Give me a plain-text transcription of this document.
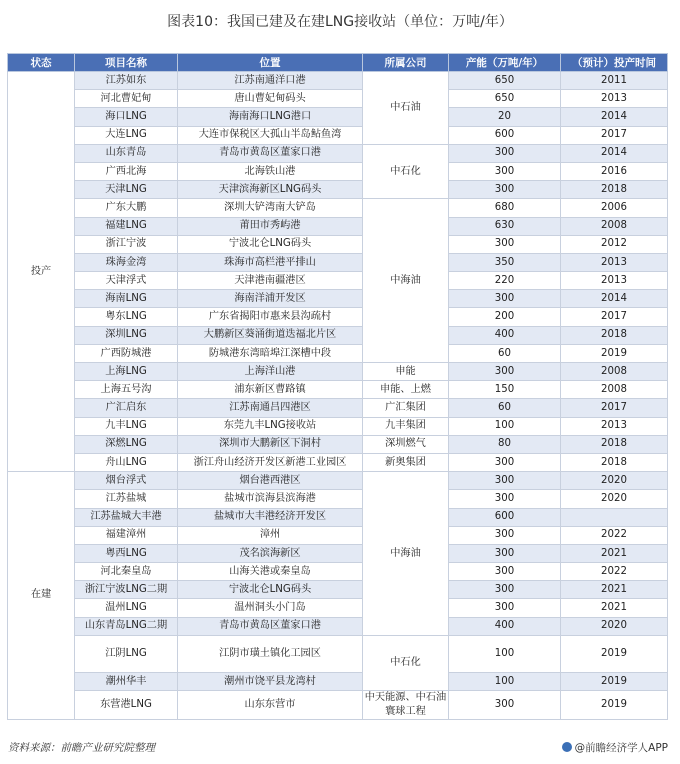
图表10：我国已建及在建LNG接收站（单位：万吨/年）
状态	项目名称	位置	所属公司	产能（万吨/年）	（预计）投产时间
投产	江苏如东	江苏南通洋口港	中石油	650	2011
	河北曹妃甸	唐山曹妃甸码头		650	2013
	海口LNG	海南海口LNG港口		20	2014
	大连LNG	大连市保税区大孤山半岛鲇鱼湾		600	2017
	山东青岛	青岛市黄岛区董家口港	中石化	300	2014
	广西北海	北海铁山港		300	2016
	天津LNG	天津滨海新区LNG码头		300	2018
	广东大鹏	深圳大铲湾南大铲岛	中海油	680	2006
	福建LNG	莆田市秀屿港		630	2008
	浙江宁波	宁波北仑LNG码头		300	2012
	珠海金湾	珠海市高栏港平排山		350	2013
	天津浮式	天津港南疆港区		220	2013
	海南LNG	海南洋浦开发区		300	2014
	粤东LNG	广东省揭阳市惠来县沟疏村		200	2017
	深圳LNG	大鹏新区葵涌街道迭福北片区		400	2018
	广西防城港	防城港东湾暗埠江深槽中段		60	2019
	上海LNG	上海洋山港	申能	300	2008
	上海五号沟	浦东新区曹路镇	申能、上燃	150	2008
	广汇启东	江苏南通吕四港区	广汇集团	60	2017
	九丰LNG	东莞九丰LNG接收站	九丰集团	100	2013
	深燃LNG	深圳市大鹏新区下洞村	深圳燃气	80	2018
	舟山LNG	浙江舟山经济开发区新港工业园区	新奥集团	300	2018
在建	烟台浮式	烟台港西港区	中海油	300	2020
	江苏盐城	盐城市滨海县滨海港		300	2020
	江苏盐城大丰港	盐城市大丰港经济开发区		600	
	福建漳州	漳州		300	2022
	粤西LNG	茂名滨海新区		300	2021
	河北秦皇岛	山海关港或秦皇岛		300	2022
	浙江宁波LNG二期	宁波北仑LNG码头		300	2021
	温州LNG	温州洞头小门岛		300	2021
	山东青岛LNG二期	青岛市黄岛区董家口港		400	2020
	江阴LNG	江阴市璜土镇化工园区	中石化	100	2019
	潮州华丰	潮州市饶平县龙湾村		100	2019
	东营港LNG	山东东营市	中天能源、中石油寰球工程	300	2019
资料来源：前瞻产业研究院整理	@前瞻经济学人APP
